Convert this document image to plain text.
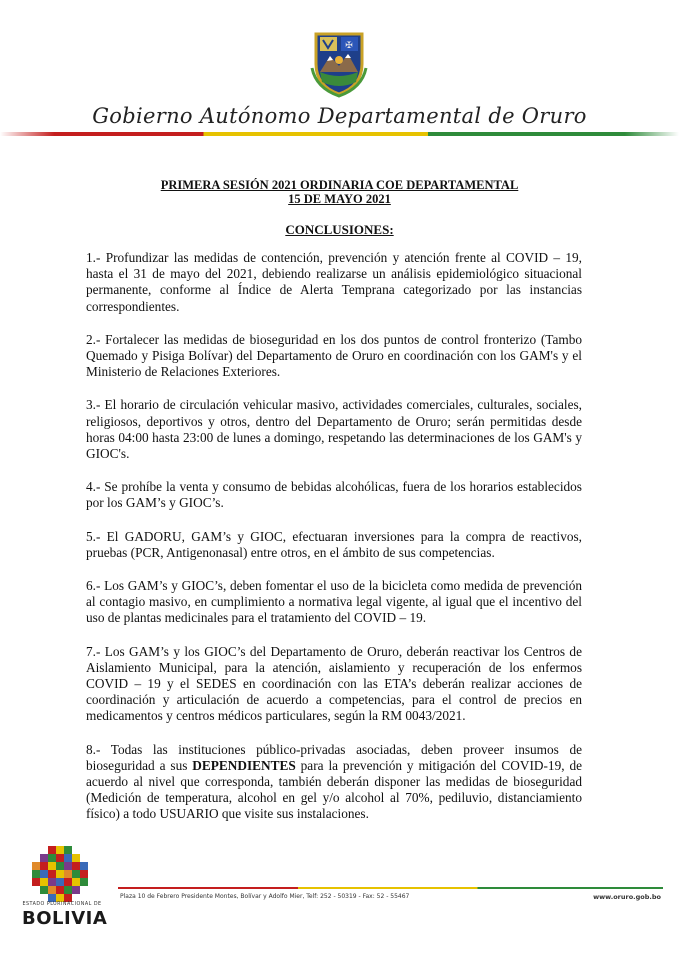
✠
Gobierno Autónomo Departamental de Oruro
PRIMERA SESIÓN 2021 ORDINARIA COE DEPARTAMENTAL
15 DE MAYO 2021
CONCLUSIONES:

1.- Profundizar las medidas de contención, prevención y atención frente al COVID – 19, hasta el 31 de mayo del 2021, debiendo realizarse un análisis epidemiológico situacional permanente, conforme al Índice de Alerta Temprana categorizado por las instancias correspondientes.

2.- Fortalecer las medidas de bioseguridad en los dos puntos de control fronterizo (Tambo Quemado y Pisiga Bolívar) del Departamento de Oruro en coordinación con los GAM's y el Ministerio de Relaciones Exteriores.

3.- El horario de circulación vehicular masivo, actividades comerciales, culturales, sociales, religiosos, deportivos y otros, dentro del Departamento de Oruro; serán permitidas desde horas 04:00 hasta 23:00 de lunes a domingo, respetando las determinaciones de los GAM's y GIOC's.

4.- Se prohíbe la venta y consumo de bebidas alcohólicas, fuera de los horarios establecidos por los GAM’s y GIOC’s.

5.- El GADORU, GAM’s y GIOC, efectuaran inversiones para la compra de reactivos, pruebas (PCR, Antigenonasal) entre otros, en el ámbito de sus competencias.

6.- Los GAM’s y GIOC’s, deben fomentar el uso de la bicicleta como medida de prevención al contagio masivo, en cumplimiento a normativa legal vigente, al igual que el incentivo del uso de plantas medicinales para el tratamiento del COVID – 19.

7.- Los GAM’s y los GIOC’s del Departamento de Oruro, deberán reactivar los Centros de Aislamiento Municipal, para la atención, aislamiento y recuperación de los enfermos COVID – 19 y el SEDES en coordinación con las ETA’s deberán realizar acciones de coordinación y articulación de acuerdo a competencias, para el control de precios en medicamentos y centros médicos particulares, según la RM 0043/2021.

8.- Todas las instituciones público-privadas asociadas, deben proveer insumos de bioseguridad a sus DEPENDIENTES para la prevención y mitigación del COVID-19, de acuerdo al nivel que corresponda, también deberán disponer las medidas de bioseguridad (Medición de temperatura, alcohol en gel y/o alcohol al 70%, pediluvio, distanciamiento físico) a todo USUARIO que visite sus instalaciones.

ESTADO PLURINACIONAL DE
BOLIVIA
Plaza 10 de Febrero Presidente Montes, Bolívar y Adolfo Mier, Telf: 252 - 50319 - Fax: 52 - 55467	www.oruro.gob.bo
